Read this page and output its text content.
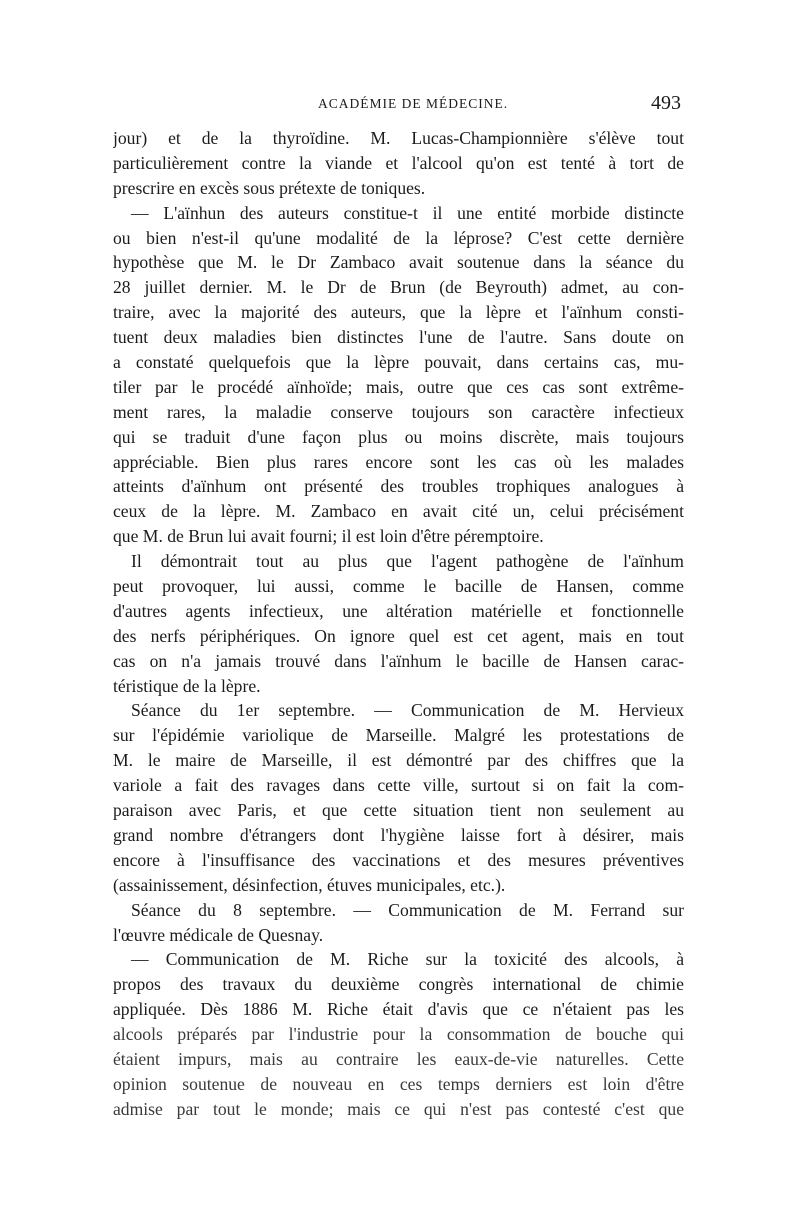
ACADÉMIE DE MÉDECINE.	493
jour) et de la thyroïdine. M. Lucas-Championnière s'élève tout
particulièrement contre la viande et l'alcool qu'on est tenté à tort de
prescrire en excès sous prétexte de toniques.
— L'aïnhun des auteurs constitue-t il une entité morbide distincte
ou bien n'est-il qu'une modalité de la léprose? C'est cette dernière
hypothèse que M. le Dr Zambaco avait soutenue dans la séance du
28 juillet dernier. M. le Dr de Brun (de Beyrouth) admet, au con-
traire, avec la majorité des auteurs, que la lèpre et l'aïnhum consti-
tuent deux maladies bien distinctes l'une de l'autre. Sans doute on
a constaté quelquefois que la lèpre pouvait, dans certains cas, mu-
tiler par le procédé aïnhoïde; mais, outre que ces cas sont extrême-
ment rares, la maladie conserve toujours son caractère infectieux
qui se traduit d'une façon plus ou moins discrète, mais toujours
appréciable. Bien plus rares encore sont les cas où les malades
atteints d'aïnhum ont présenté des troubles trophiques analogues à
ceux de la lèpre. M. Zambaco en avait cité un, celui précisément
que M. de Brun lui avait fourni; il est loin d'être péremptoire.
Il démontrait tout au plus que l'agent pathogène de l'aïnhum
peut provoquer, lui aussi, comme le bacille de Hansen, comme
d'autres agents infectieux, une altération matérielle et fonctionnelle
des nerfs périphériques. On ignore quel est cet agent, mais en tout
cas on n'a jamais trouvé dans l'aïnhum le bacille de Hansen carac-
téristique de la lèpre.
Séance du 1er septembre. — Communication de M. Hervieux
sur l'épidémie variolique de Marseille. Malgré les protestations de
M. le maire de Marseille, il est démontré par des chiffres que la
variole a fait des ravages dans cette ville, surtout si on fait la com-
paraison avec Paris, et que cette situation tient non seulement au
grand nombre d'étrangers dont l'hygiène laisse fort à désirer, mais
encore à l'insuffisance des vaccinations et des mesures préventives
(assainissement, désinfection, étuves municipales, etc.).
Séance du 8 septembre. — Communication de M. Ferrand sur
l'œuvre médicale de Quesnay.
— Communication de M. Riche sur la toxicité des alcools, à
propos des travaux du deuxième congrès international de chimie
appliquée. Dès 1886 M. Riche était d'avis que ce n'étaient pas les
alcools préparés par l'industrie pour la consommation de bouche qui
étaient impurs, mais au contraire les eaux-de-vie naturelles. Cette
opinion soutenue de nouveau en ces temps derniers est loin d'être
admise par tout le monde; mais ce qui n'est pas contesté c'est que
